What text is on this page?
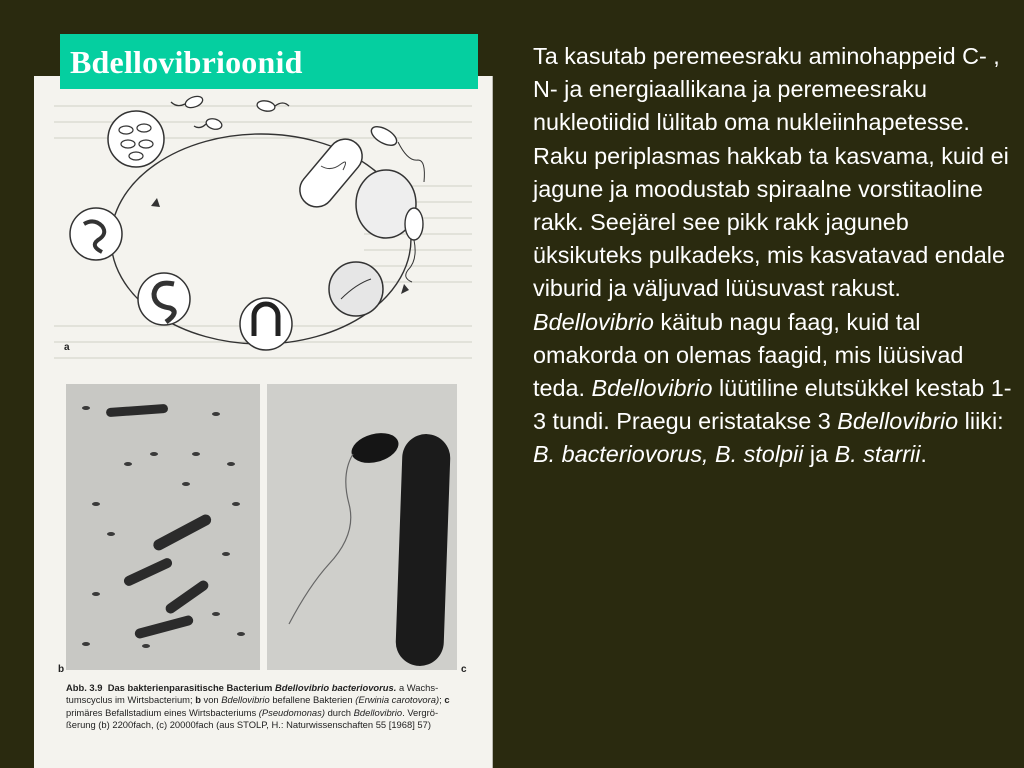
a
b	c
Abb. 3.9 Das bakterienparasitische Bacterium Bdellovibrio bacteriovorus. a Wachs-tumscyclus im Wirtsbacterium; b von Bdellovibrio befallene Bakterien (Erwinia carotovora); c primäres Befallstadium eines Wirtsbacteriums (Pseudomonas) durch Bdellovibrio. Vergrö-ßerung (b) 2200fach, (c) 20000fach (aus STOLP, H.: Naturwissenschaften 55 [1968] 57)
Bdellovibrioonid	Ta kasutab peremeesraku aminohappeid C- , N- ja energiaallikana ja peremeesraku nukleotiidid lülitab oma nukleiinhapetesse. Raku periplasmas hakkab ta kasvama, kuid ei jagune ja moodustab spiraalne vorstitaoline rakk. Seejärel see pikk rakk jaguneb üksikuteks pulkadeks, mis kasvatavad endale viburid ja väljuvad lüüsuvast rakust. Bdellovibrio käitub nagu faag, kuid tal omakorda on olemas faagid, mis lüüsivad teda. Bdellovibrio lüütiline elutsükkel kestab 1-3 tundi. Praegu eristatakse 3 Bdellovibrio liiki: B. bacteriovorus, B. stolpii ja B. starrii.
